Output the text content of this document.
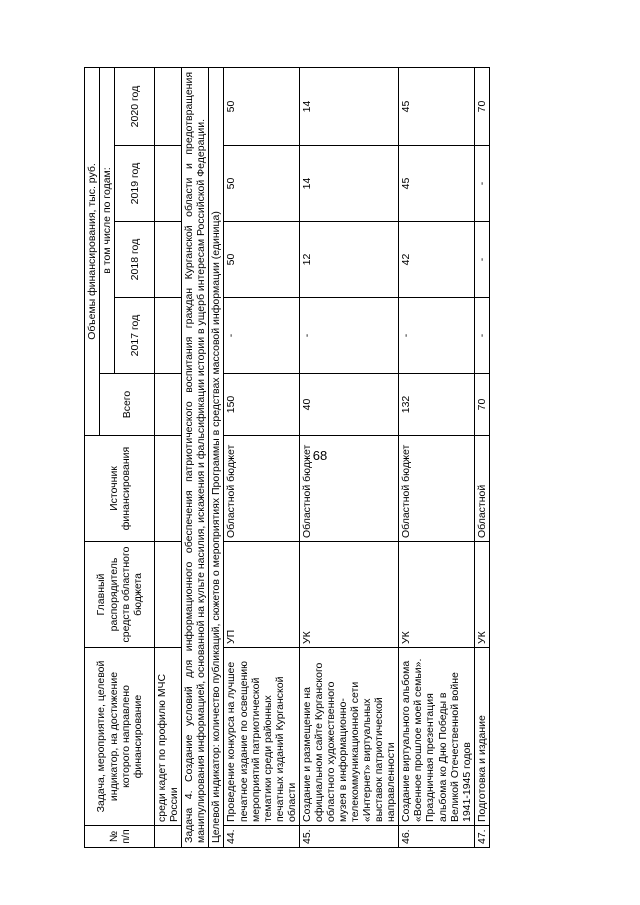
68
№ п/п	Задача, мероприятие, целевой индикатор, на достижение которого направлено финансирование	Главный распорядитель средств областного бюджета	Источник финансирования	Объемы финансирования, тыс. руб.				
				Всего	в том числе по годам:			
					2017 год	2018 год	2019 год	2020 год
	среди кадет по профилю МЧС России							
Задача 4. Создание условий для информационного обеспечения патриотического воспитания граждан Курганской области и предотвращения манипулирования информацией, основанной на культе насилия, искажения и фальсификации истории в ущерб интересам Российской Федерации.								
Целевой индикатор: количество публикаций, сюжетов о мероприятиях Программы в средствах массовой информации (единица)								
44.	Проведение конкурса на лучшее печатное издание по освещению мероприятий патриотической тематики среди районных печатных изданий Курганской области	УП	Областной бюджет	150	-	50	50	50
45.	Создание и размещение на официальном сайте Курганского областного художественного музея в информационно-телекоммуникационной сети «Интернет» виртуальных выставок патриотической направленности	УК	Областной бюджет	40	-	12	14	14
46.	Создание виртуального альбома «Военное прошлое моей семьи». Праздничная презентация альбома ко Дню Победы в Великой Отечественной войне 1941-1945 годов	УК	Областной бюджет	132	-	42	45	45
47.	Подготовка и издание	УК	Областной	70	-	-	-	70
